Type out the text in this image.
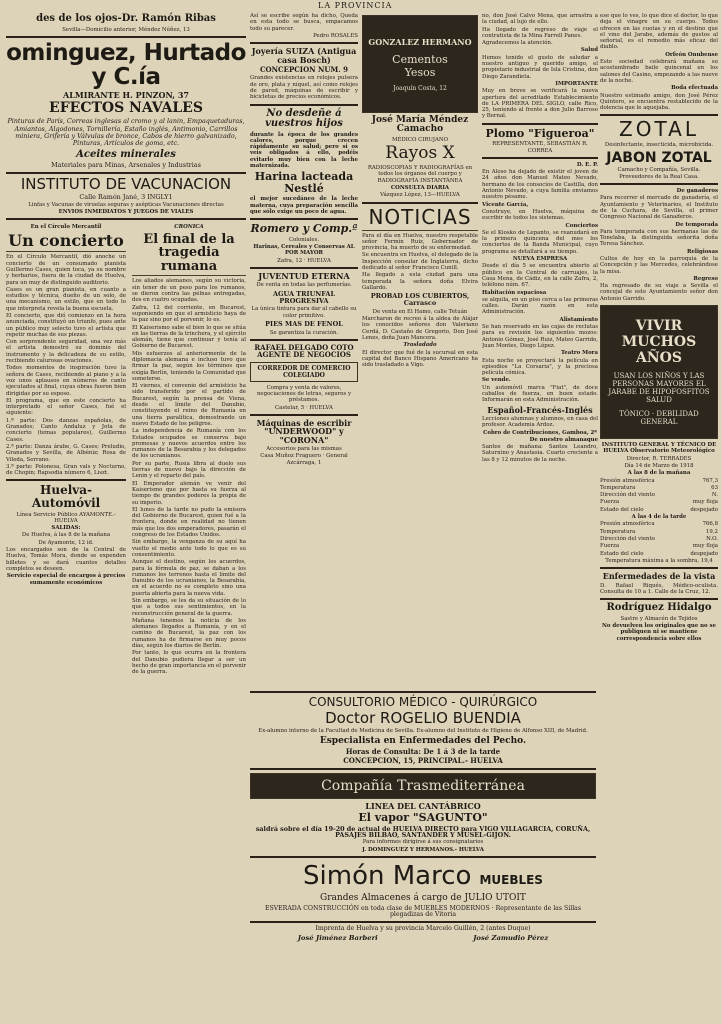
LA PROVINCIA
des de los ojos-Dr. Ramón Ribas
Sevilla—Domicilio anterior, Méndez Núñez, 13
ominguez, Hurtado y C.ía
ALMIRANTE H. PINZON, 37
EFECTOS NAVALES
Pinturas de París, Correas inglesas al cromo y al lanin, Empaquetaduras, Amiantos, Algodones, Tornillería, Estaño inglés, Antimonio, Carrillos miniera, Grifería y Válvulas de bronce, Cabos de hierro galvanizado, Pinturas, Artículos de goma, etc.
Aceites minerales
Materiales para Minas, Arsenales y Industrias
INSTITUTO DE VACUNACION
Calle Ramón Jané, 3 INGLY1
Linfas y Vacunas de viruelas seguras y asépticas Vacunaciones directas
ENVIOS INMEDIATOS Y JUEGOS DE VIALES
En el Círculo Mercantil
Un concierto

En el Círculo Mercantil, dió anoche un concierto de un consumado pianista Guillermo Cases, quien toca, ya su nombre y herbarios, fuera de la ciudad de Huelva, para un muy de distinguido auditorio.

Cases es un gran pianista, en cuanto a estudios y técnica, dueño de un solo, de una mecanismo, un estilo, que en todo lo que interpreta revela la buena escuela.

El concierto, que dió comienzo en la hora anunciada, constituyó un triunfo, pues ante un público muy selecto tuvo el artista que repetir muchas de sus piezas.

Con sorprendente seguridad, una vez más el artista demostró su dominio del instrumento y la delicadeza de su estilo, recibiendo calurosas ovaciones.

Todos momentos de inspiración tuvo la señora de Cases, recibiendo al piano y a la voz unos aplausos en números de canto ejecutados al final, cuyas obras fueron bien dirigidas por su esposo.

El programa, que en este concierto ha interpretado el señor Cases, fué el siguiente:

1.ª parte: Dos danzas españolas, de Granados; Canto Andaluz y Jota de concierto (temas populares), Guillermo Cases.

2.ª parte: Danza árabe, G. Cases; Preludio, Granados y Sevilla, de Albéniz; Rosa de Vileda, Serrano.

3.ª parte: Polonesa, Gran vals y Nocturno, de Chopin; Rapsodia número 6, Liszt.

Huelva-Automóvil
Línea Servicio Público AYAMONTE.-HUELVA
SALIDAS:
De Huelva, á las 8 de la mañana
De Ayamonte, 12 íd.

Los encargados son de la Central de Huelva, Tomás Mora, donde se expenden billetes y se dará cuantos detalles completos se deseen.

Servicio especial de encargos á precios sumamente económicos
CRONICA
El final de la tragedia rumana

Los aliados alemanes, según su victoria, sin tener de un peso para los rumanos, se dieron contra las pélnas entregadas, dos en cuatro ocupadas.

Zafra, 12 del corriente, en Bucarest, suponiendo en que el armisticio haya de la paz sino por el porvenir, lo es.

El Kaiserismo sabe el bien lo que se sitúa en las tierras de la trinchera, y el ejército alemán, tiene que continuar y tenía al Gobierno de Bucarest.

Mis esfuerzos al anteriormente de la diplomacia alemana e incluso tuvo que firmar la paz, según los términos que exigía Berlín, teniendo la Comunidad que someterse.

El viernes, el convenio del armisticio ha sido transferido por el partido de Bucarest, según la prensa de Viena, desde el límite del Danubio, constituyendo el reino de Rumanía en una tierra paralítica, demostrando un nuevo Estado de los peligros.

La independencia de Rumanía con los Estados ocupados se conserva bajo promesas y nuevos acuerdos entre los rumanos de la Besarabia y los delegados de los ucranianos.

Por su parte, Rusia libra al duelo sus tierras de nuevo bajo la dirección de Lenin y el reparto del país.

El Emperador alemán ve venir del Kaiserismo que por hasta su fuerza al tiempo de grandes poderes la propia de su imperio.

El lunes de la tarde no pudo la emisora del Gobierno de Bucarest, quien fué a la frontera, donde en realidad no tienen más que los dos emperadores, pasarán el congreso de los Estados Unidos.

Sin embargo, la venganza de su aquí ha vuelto el medio ante todo lo que es su consentimiento.

Aunque el destino, según los acuerdos, para la fórmula de paz, se daban a los rumanos los terrenos hasta el límite del Danubio de los ucranianos, la Besarabia, en el acuerdo no es completo sino una puerta abierta para la nueva vida.

Sin embargo, se les da su situación de lo que a todos sus sentimientos, en la reconstrucción general de la guerra.

Mañana tenemos la noticia de los alemanes llegados a Rumanía, y en el camino de Bucarest, la paz con los rumanos ha de firmarse en muy pocos días, según los diarios de Berlín.

Por tanto, lo que ocurra en la frontera del Danubio pudiera llegar a ser un hecho de gran importancia en el porvenir de la guerra.

Así se escribe según ha dicho, Queda en esta todo se busca, empacamos todo su parecer.

Pedro ROSALES
Joyería SUIZA (Antigua casa Bosch)
CONCEPCION NUM. 9

Grandes existencias en relojes pulsera de oro, plata y níquel, así como relojes de pared, máquinas de escribir y bicicletas de precios económicos.

No desdeñe á vuestros hijos

durante la época de los grandes calores, porque crecen rápidamente su salud; pero si os veis obligados á ello, podéis evitarlo muy bien con la leche maternizada.

Harina lacteada Nestlé

el mejor sucedáneo de la leche materna, cuya preparación sencilla que sólo exige un poco de agua.

Romero y Comp.ª
Coloniales.
Harinas, Cereales y Conservas AL POR MAYOR
Zafra, 12 · HUELVA
JUVENTUD ETERNA
De venta en todas las perfumerías.
AGUA TRIUNFAL PROGRESIVA
La única tintura para dar al cabello su color primitivo.
PIES MAS DE FENOL
Se garantiza la curación.
RAFAEL DELGADO COTO AGENTE DE NEGOCIOS
CORREDOR DE COMERCIO COLEGIADO
Compra y venta de valores, negociaciones de letras, seguros y préstamos.
Castelar, 5 · HUELVA
Máquinas de escribir "UNDERWOOD" y "CORONA"
Accesorios para las mismas
Casa Muñoz Fraguero · General Azcárraga, 1
GONZALEZ HERMANO
Cementos Yesos
Joaquín Costa, 12
José María Méndez Camacho
MÉDICO CIRUJANO
Rayos X
RADIOSCOPIAS Y RADIOGRAFÍAS en todos los órganos del cuerpo y RADIOGRAFÍA INSTANTÁNEA
CONSULTA DIARIA
Vázquez López, 13—HUELVA
NOTICIAS

Para el día en Huelva, nuestro respetable señor Fermín Ruiz, Gobernador de provincia, ha muerto de su enfermedad.

Se encuentra en Huelva, el delegado de la Inspección consular de Inglaterra, dicho dedicado al señor Francisco Cunill.

Ha llegado a esta ciudad para una temporada la señora doña Elvira Gallardo.

PROBAD LOS CUBIERTOS, Carrasco
De venta en El Hamo, calle Tetuán

Marcharon de recreo á la aldea de Alájar los conocidos señores don Valeriano Cerdá, D. Castaño de Gregorio, Don José Lenes, doña Juan Mancera.

Trasladado

El director que fué de la sucursal en esta capital del Banco Hispano Americano ha sido trasladado a Vigo.

no, don José Calvo Mena, que arrastra a la ciudad, al lujo de ello.

Ha llegado de regreso de viaje el contratista de la Mina Farrell Panes.

Agradecemos la atención.

Salud

Hemos tenido el gusto de saludar a nuestro antiguo y querido amigo, el propietario industrial de Isla Cristina, don Diego Zarandieta.

IMPORTANTE

Muy en breve se verificará la nueva apertura del acreditado Establecimiento de LA PRIMERA DEL SIGLO, calle Rico, 25, teniendo al frente a don Julio Barroso y Bernal.

Plomo "Figueroa"
REPRESENTANTE, SEBASTIÁN R. CORREA
D. E. P.

En Aloso ha dejado de existir el joven de 24 años don Manuel Mateo Nevado, hermano de los consocios de Castilla, don Antonio Nevado, a cuya familia enviamos nuestro pésame.

Vicente García,

Construye, en Huelva, máquina de escribir de todos los sistemas.

Conciertos

Se el Kiosko de Lepanto, se reanudará en la primera quincena del mes los conciertos de la Banda Municipal, cuyo programa se detallará a su tiempo.

NUEVA EMPRESA

Desde el día 5 se encuentra abierto al público en la Central de carruajes, la Casa Mena, de Cádiz, en la calle Zafra, 2, teléfono núm. 67.

Habitación espaciosa

se alquila, en un piso cerca a las primeras calles. Darán razón en esta Administración.

Alistamiento

Se han reservado en las cajas de reclutas para su revisión los siguientes mozos: Antonio Gómez, José Ruiz, Mateo Garrido, Juan Montes, Diego López.

Teatro Mora

Esta noche se proyectará la película en episodios "La Corsaria", y la preciosa película cómica.

Se vende.

Un automóvil marca "Fiat", de doce caballos de fuerza, en buen estado. Informarán en esta Administración.

Español-Francés-Inglés

Lecciones alumnas y alumnos, en casa del profesor. Academia Ardoz.

Cobro de Contribuciones, Gamboa, 2ª
De nuestro almanaque

Santos de mañana: Santos Leandro, Saturnino y Anastasia. Cuarto creciente a las 8 y 12 minutos de la noche.

ese que lo ves, lo que dice el doctor, lo que deja el vinagre en su cuerpo. Todos ofrecen en las cuotas y en el destino que el vino del Jarabe, además de gustos al señorial, es el remedio más eficaz del diablo.

Orfeón Onubense

Este sociedad celebrará mañana su acostumbrado baile quincenal en los salones del Casino, empezando a las nueve de la noche.

Boda efectuada

Nuestro estimado amigo, don José Pérez Quintero, se encuentra restablecido de la dolencia que le aquejaba.

ZOTAL
Desinfectante, insecticida, microbicida.
JABON ZOTAL
Camacho y Compañía, Sevilla. Proveedores de la Real Casa.
De ganaderos

Para recorrer el mercado de ganadería, el Ayuntamiento y Veterinarios, el Instituto de la Cuchara, de Sevilla, el primer Congreso Nacional de Ganaderos.

De temporada

Para temporada con sus hermanas las de Tonelaba, la distinguida señorita doña Teresa Sánchez.

Religiosas

Cultos de hoy en la parroquia de la Concepción y las Mercedes, celebrándose la misa.

Regreso

Ha regresado de su viaje a Sevilla el concejal de este Ayuntamiento señor don Antonio Garrido.

VIVIR MUCHOS AÑOS
USAN LOS NIÑOS Y LAS PERSONAS MAYORES EL JARABE DE HIPOFOSFITOS SALUD
TÓNICO · DEBILIDAD GENERAL
INSTITUTO GENERAL Y TÉCNICO DE HUELVA Observatorio Meteorológico
Director, R. TERRADES
Día 14 de Marzo de 1918
A las 8 de la mañana
Presión atmosférica	767,3
Temperatura	63
Dirección del viento	N.
Fuerza	muy floja
Estado del cielo	despejado
A las 4 de la tarde
Presión atmosférica	766,8
Temperatura	19,2
Dirección del viento	N.O.
Fuerza	muy floja
Estado del cielo	despejado
Temperatura máxima a la sombra, 19,4
Enfermedades de la vista

D. Rafael Riqués, Médico-oculista. Consulta de 10 a 1. Calle de la Cruz, 12.

Rodríguez Hidalgo
Sastre y Almacén de Tejidos
No devuelven los originales que no se publiquen ni se mantiene correspondencia sobre ellos
CONSULTORIO MÉDICO - QUIRÚRGICO
Doctor ROGELIO BUENDIA
Ex-alumno interno de la Facultad de Medicina de Sevilla. Ex-alumno del Instituto de Higiene de Alfonso XIII, de Madrid.
Especialista en Enfermedades del Pecho.
Horas de Consulta: De 1 á 3 de la tarde
CONCEPCION, 15, PRINCIPAL.- HUELVA
Compañía Trasmediterránea
LINEA DEL CANTÁBRICO
El vapor "SAGUNTO"
saldrá sobre el día 19-20 de actual de HUELVA DIRECTO para VIGO VILLAGARCIA, CORUÑA, PASAJES BILBAO, SANTANDER Y MUSEL-GIJON.
Para informes dirigirse á sus consignatarios
J. DOMINGUEZ Y HERMANOS.- HUELVA
Simón Marco MUEBLES
Grandes Almacenes á cargo de JULIO UTOIT
ESVERADA CONSTRUCCIÓN en toda clase de MUEBLES MODERNOS · Representante de las Sillas plegadizas de Vitoria
Imprenta de Huelva y su provincia Marcelo Guillén, 2 (antes Duque)
José Jiménez Barberi	José Zamudio Pérez
